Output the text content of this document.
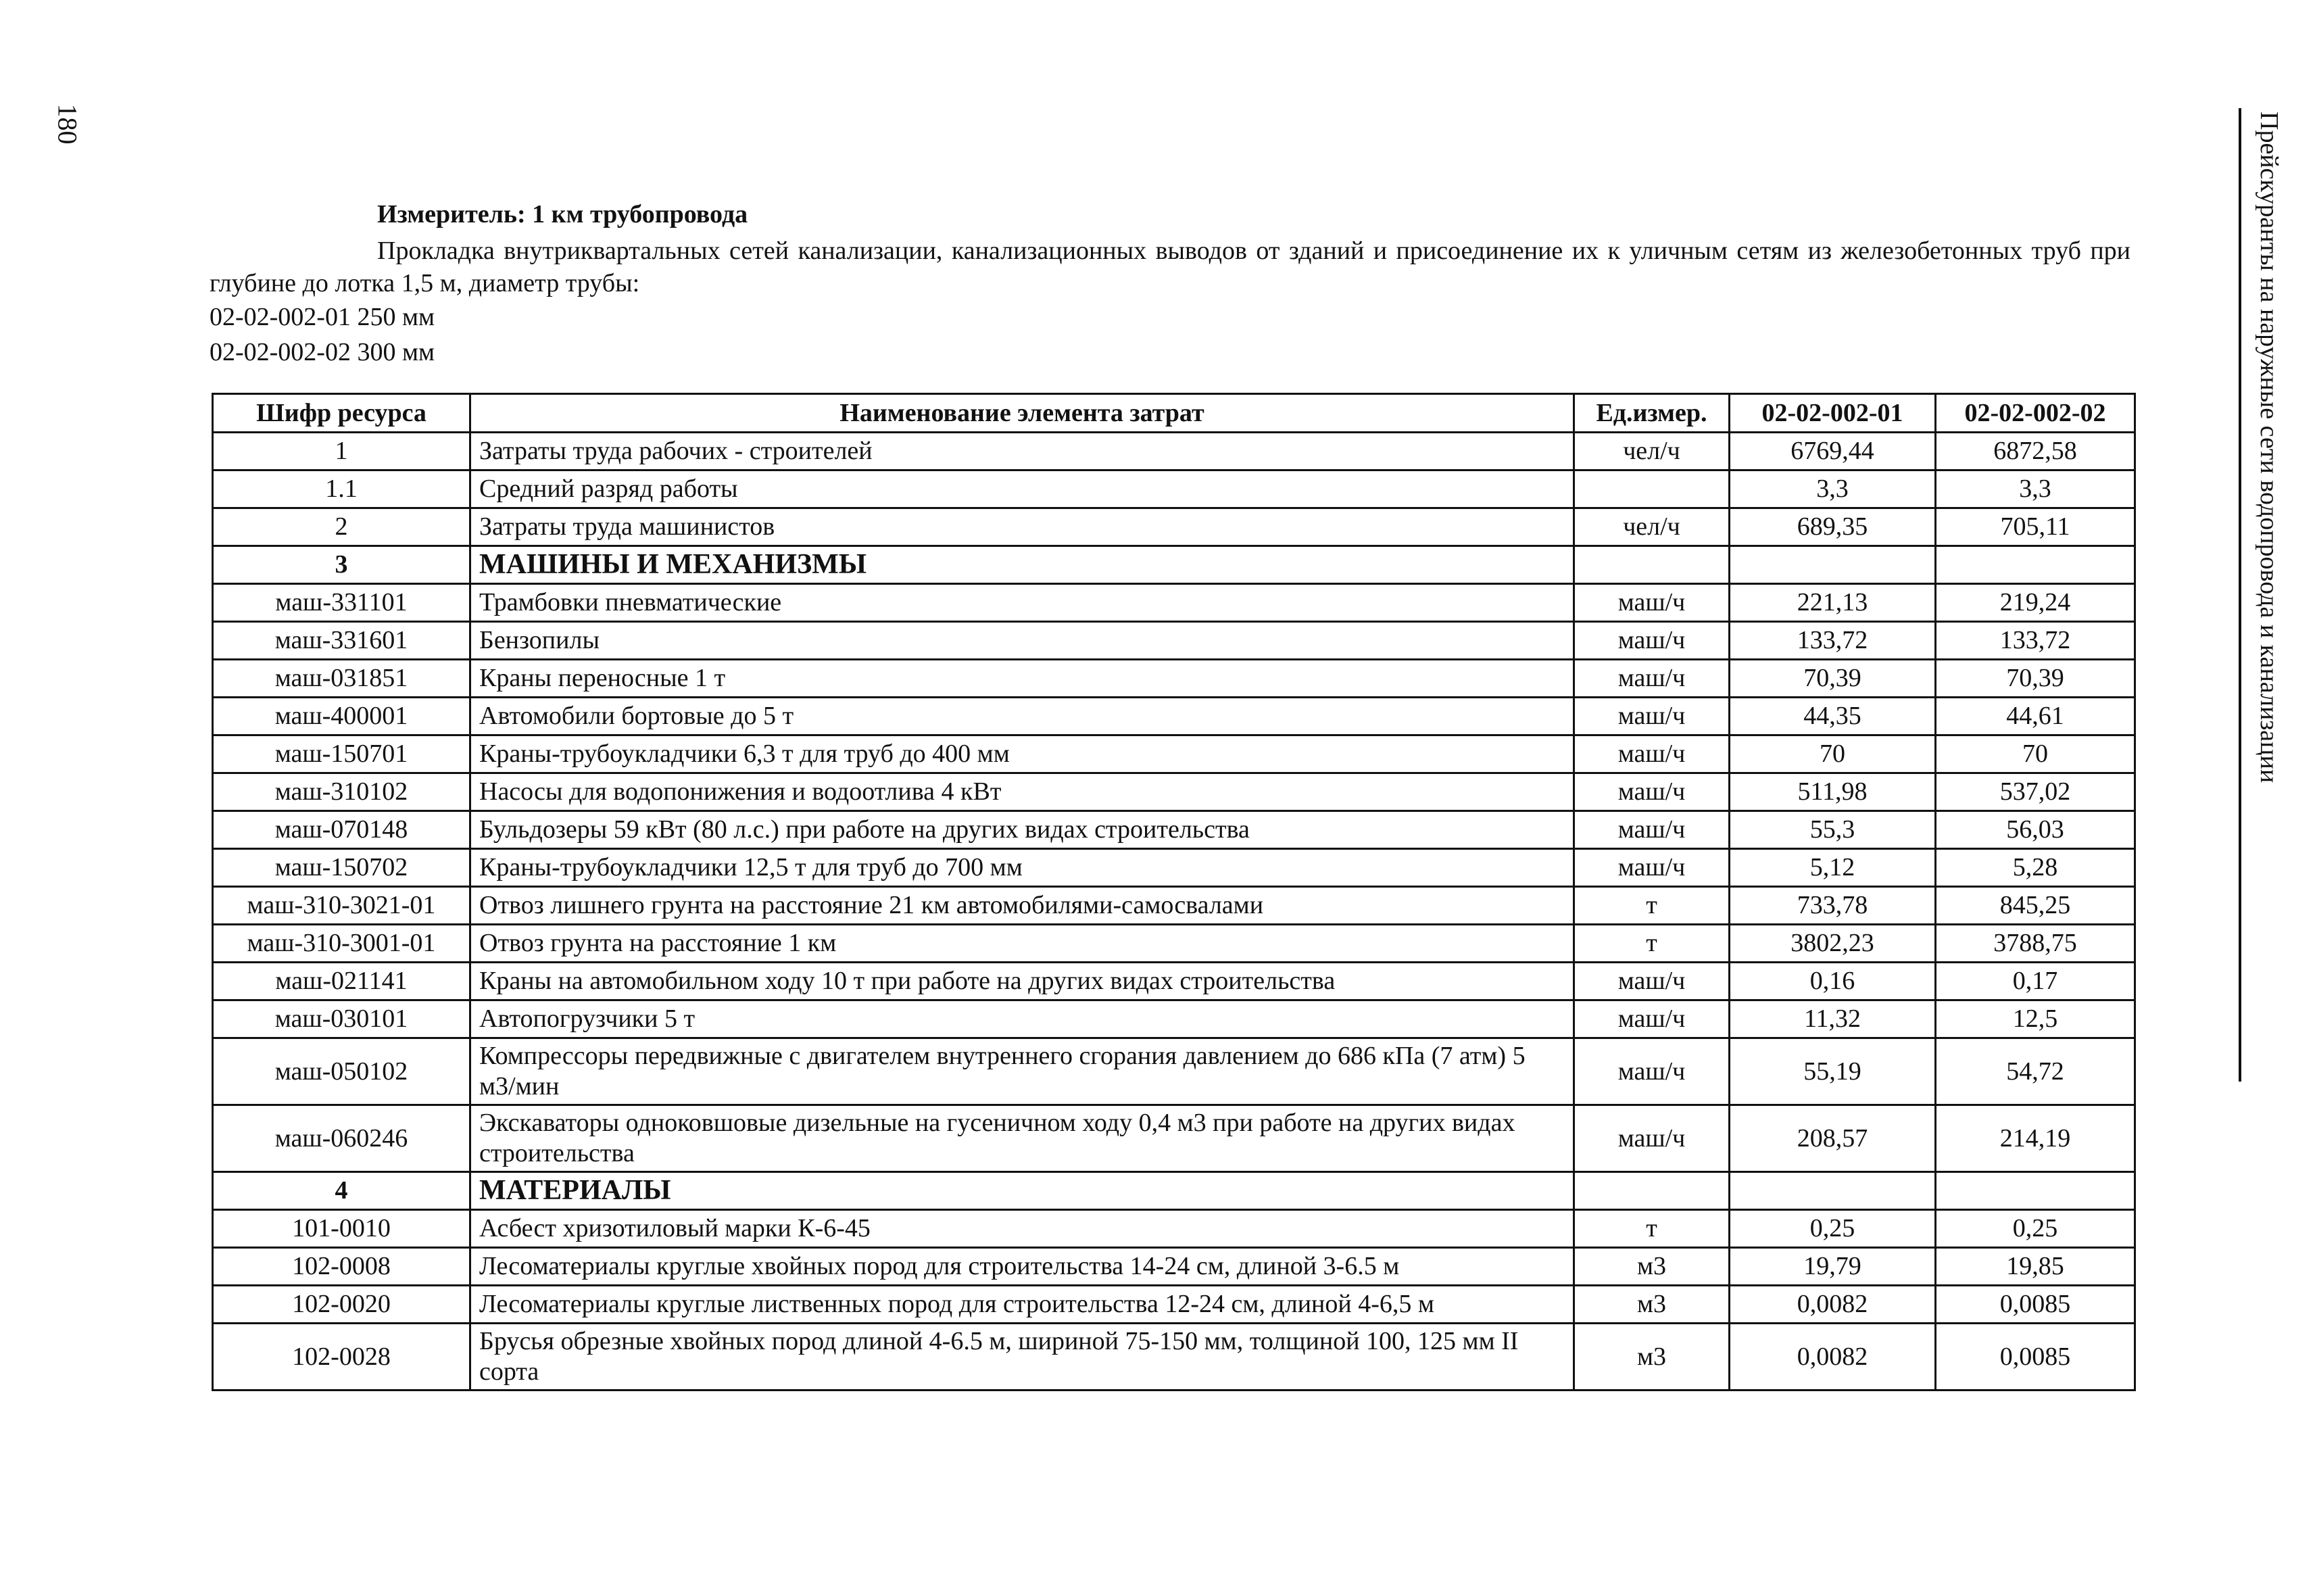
180	Прейскуранты на наружные сети водопровода и канализации
Измеритель: 1 км трубопровода
Прокладка внутриквартальных сетей канализации, канализационных выводов от зданий и присоединение их к уличным сетям из железобетонных труб при глубине до лотка 1,5 м, диаметр трубы:
02-02-002-01 250 мм
02-02-002-02 300 мм
Шифр ресурса	Наименование элемента затрат	Ед.измер.	02-02-002-01	02-02-002-02
1	Затраты труда рабочих - строителей	чел/ч	6769,44	6872,58
1.1	Средний разряд работы		3,3	3,3
2	Затраты труда машинистов	чел/ч	689,35	705,11
3	МАШИНЫ И МЕХАНИЗМЫ			
маш-331101	Трамбовки пневматические	маш/ч	221,13	219,24
маш-331601	Бензопилы	маш/ч	133,72	133,72
маш-031851	Краны переносные 1 т	маш/ч	70,39	70,39
маш-400001	Автомобили бортовые до 5 т	маш/ч	44,35	44,61
маш-150701	Краны-трубоукладчики 6,3 т для труб до 400 мм	маш/ч	70	70
маш-310102	Насосы для водопонижения и водоотлива 4 кВт	маш/ч	511,98	537,02
маш-070148	Бульдозеры 59 кВт (80 л.с.) при работе на других видах строительства	маш/ч	55,3	56,03
маш-150702	Краны-трубоукладчики 12,5 т для труб до 700 мм	маш/ч	5,12	5,28
маш-310-3021-01	Отвоз лишнего грунта на расстояние 21 км автомобилями-самосвалами	т	733,78	845,25
маш-310-3001-01	Отвоз грунта на расстояние 1 км	т	3802,23	3788,75
маш-021141	Краны на автомобильном ходу 10 т при работе на других видах строительства	маш/ч	0,16	0,17
маш-030101	Автопогрузчики 5 т	маш/ч	11,32	12,5
маш-050102	Компрессоры передвижные с двигателем внутреннего сгорания давлением до 686 кПа (7 атм) 5 м3/мин	маш/ч	55,19	54,72
маш-060246	Экскаваторы одноковшовые дизельные на гусеничном ходу 0,4 м3 при работе на других видах строительства	маш/ч	208,57	214,19
4	МАТЕРИАЛЫ			
101-0010	Асбест хризотиловый марки К-6-45	т	0,25	0,25
102-0008	Лесоматериалы круглые хвойных пород для строительства 14-24 см, длиной 3-6.5 м	м3	19,79	19,85
102-0020	Лесоматериалы круглые лиственных пород для строительства 12-24 см, длиной 4-6,5 м	м3	0,0082	0,0085
102-0028	Брусья обрезные хвойных пород длиной 4-6.5 м, шириной 75-150 мм, толщиной 100, 125 мм II сорта	м3	0,0082	0,0085
